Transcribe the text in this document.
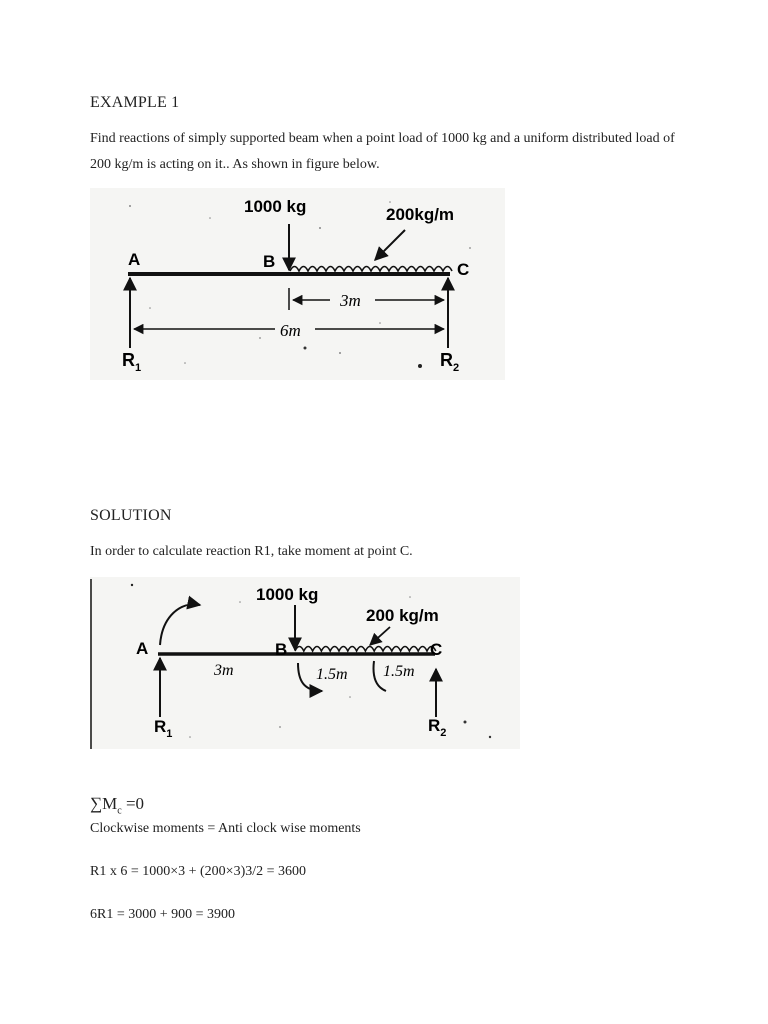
EXAMPLE 1
Find reactions of simply supported beam when a point load of 1000 kg and a uniform distributed load of 200 kg/m is acting on it.. As shown in figure below.
1000 kg	200kg/m
A	B	C
3m
6m
$R_1$	$R_2$
SOLUTION
In order to calculate reaction R1, take moment at point C.
1000 kg
200 kg/m
A	B	C
3m	1.5m 1.5m
$R_1$	$R_2$
$\sum M_c =0$
Clockwise moments = Anti clock wise moments
R1 x 6 = 1000×3 + (200×3)3/2 = 3600
6R1 = 3000 + 900 = 3900
